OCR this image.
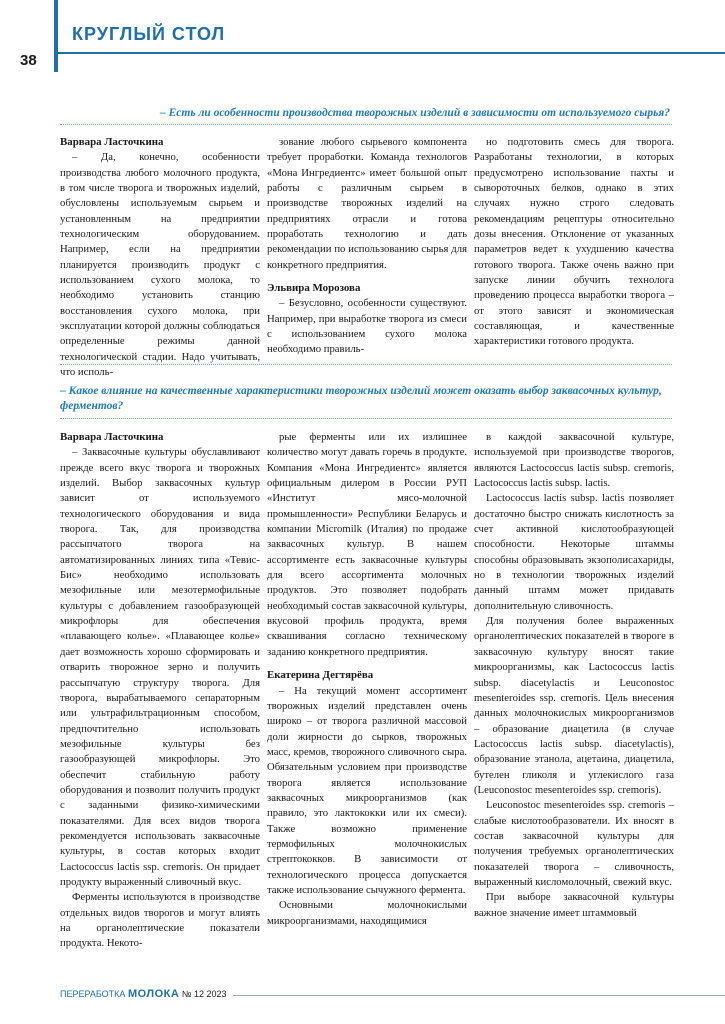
КРУГЛЫЙ СТОЛ
38

– Есть ли особенности производства творожных изделий в зависимости от используемого сырья?

Варвара Ласточкина

– Да, конечно, особенности производства любого молочного продукта, в том числе творога и творожных изделий, обусловлены используемым сырьем и установленным на предприятии технологическим оборудованием. Например, если на предприятии планируется производить продукт с использованием сухого молока, то необходимо установить станцию восстановления сухого молока, при эксплуатации которой должны соблюдаться определенные режимы данной технологической стадии. Надо учитывать, что исполь-

зование любого сырьевого компонента требует проработки. Команда технологов «Мона Ингредиентс» имеет большой опыт работы с различным сырьем в производстве творожных изделий на предприятиях отрасли и готова проработать технологию и дать рекомендации по использованию сырья для конкретного предприятия.

Эльвира Морозова

– Безусловно, особенности существуют. Например, при выработке творога из смеси с использованием сухого молока необходимо правиль-

но подготовить смесь для творога. Разработаны технологии, в которых предусмотрено использование пахты и сывороточных белков, однако в этих случаях нужно строго следовать рекомендациям рецептуры относительно дозы внесения. Отклонение от указанных параметров ведет к ухудшению качества готового творога. Также очень важно при запуске линии обучить технолога проведению процесса выработки творога – от этого зависят и экономическая составляющая, и качественные характеристики готового продукта.

– Какое влияние на качественные характеристики творожных изделий может оказать выбор заквасочных культур, ферментов?

Варвара Ласточкина

– Заквасочные культуры обуславливают прежде всего вкус творога и творожных изделий. Выбор заквасочных культур зависит от используемого технологического оборудования и вида творога. Так, для производства рассыпчатого творога на автоматизированных линиях типа «Тевис-Бис» необходимо использовать мезофильные или мезотермофильные культуры с добавлением газообразующей микрофлоры для обеспечения «плавающего колье». «Плавающее колье» дает возможность хорошо сформировать и отварить творожное зерно и получить рассыпчатую структуру творога. Для творога, вырабатываемого сепараторным или ультрафильтрационным способом, предпочтительно использовать мезофильные культуры без газообразующей микрофлоры. Это обеспечит стабильную работу оборудования и позволит получить продукт с заданными физико-химическими показателями. Для всех видов творога рекомендуется использовать заквасочные культуры, в состав которых входит Lactococcus lactis ssp. cremoris. Он придает продукту выраженный сливочный вкус.

Ферменты используются в производстве отдельных видов творогов и могут влиять на органолептические показатели продукта. Некото-

рые ферменты или их излишнее количество могут давать горечь в продукте. Компания «Мона Ингредиентс» является официальным дилером в России РУП «Институт мясо-молочной промышленности» Республики Беларусь и компании Micromilk (Италия) по продаже заквасочных культур. В нашем ассортименте есть заквасочные культуры для всего ассортимента молочных продуктов. Это позволяет подобрать необходимый состав заквасочной культуры, вкусовой профиль продукта, время сквашивания согласно техническому заданию конкретного предприятия.

Екатерина Дегтярёва

– На текущий момент ассортимент творожных изделий представлен очень широко – от творога различной массовой доли жирности до сырков, творожных масс, кремов, творожного сливочного сыра. Обязательным условием при производстве творога является использование заквасочных микроорганизмов (как правило, это лактококки или их смеси). Также возможно применение термофильных молочнокислых стрептококков. В зависимости от технологического процесса допускается также использование сычужного фермента.

Основными молочнокислыми микроорганизмами, находящимися

в каждой заквасочной культуре, используемой при производстве творогов, являются Lactococcus lactis subsp. cremoris, Lactococcus lactis subsp. lactis.

Lactococcus lactis subsp. lactis позволяет достаточно быстро снижать кислотность за счет активной кислотообразующей способности. Некоторые штаммы способны образовывать экзополисахариды, но в технологии творожных изделий данный штамм может придавать дополнительную сливочность.

Для получения более выраженных органолептических показателей в твороге в заквасочную культуру вносят такие микроорганизмы, как Lactococcus lactis subsp. diacetylactis и Leuconostoc mesenteroides ssp. cremoris. Цель внесения данных молочнокислых микроорганизмов – образование диацетила (в случае Lactococcus lactis subsp. diacetylactis), образование этанола, ацетаина, диацетила, бутелен гликоля и углекислого газа (Leuconostoc mesenteroides ssp. cremoris).

Leuconostoc mesenteroides ssp. cremoris – слабые кислотообразователи. Их вносят в состав заквасочной культуры для получения требуемых органолептических показателей творога – сливочность, выраженный кисломолочный, свежий вкус.

При выборе заквасочной культуры важное значение имеет штаммовый

ПЕРЕРАБОТКА МОЛОКА № 12 2023
